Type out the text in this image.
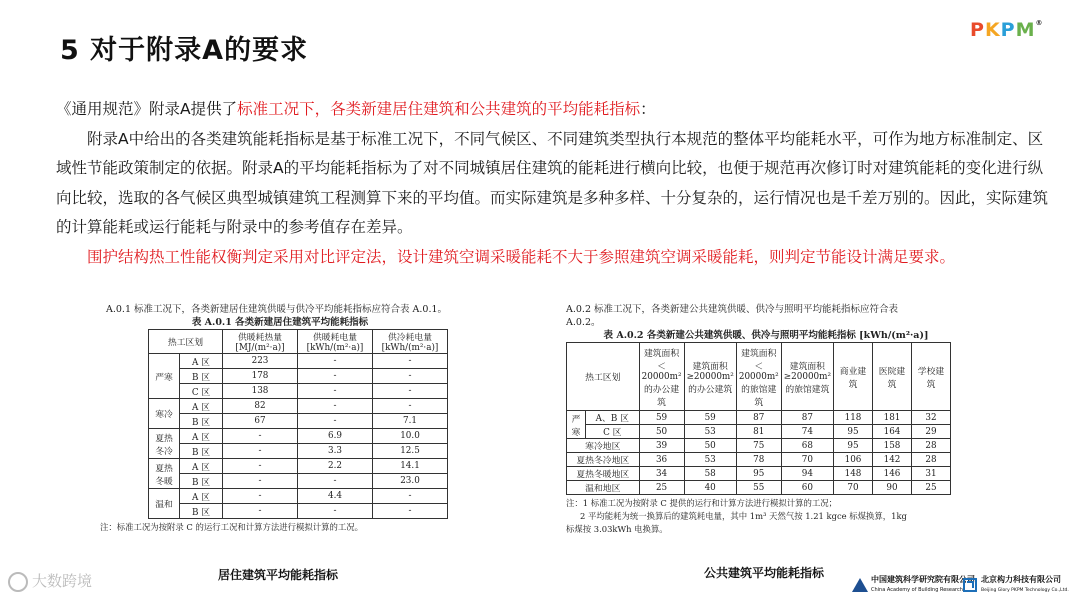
5 对于附录A的要求
PKPM®

《通用规范》附录A提供了标准工况下，各类新建居住建筑和公共建筑的平均能耗指标：

附录A中给出的各类建筑能耗指标是基于标准工况下，不同气候区、不同建筑类型执行本规范的整体平均能耗水平，可作为地方标准制定、区域性节能政策制定的依据。附录A的平均能耗指标为了对不同城镇居住建筑的能耗进行横向比较，也便于规范再次修订时对建筑能耗的变化进行纵向比较，选取的各气候区典型城镇建筑工程测算下来的平均值。而实际建筑是多种多样、十分复杂的，运行情况也是千差万别的。因此，实际建筑的计算能耗或运行能耗与附录中的参考值存在差异。

围护结构热工性能权衡判定采用对比评定法，设计建筑空调采暖能耗不大于参照建筑空调采暖能耗，则判定节能设计满足要求。

A.0.1 标准工况下，各类新建居住建筑供暖与供冷平均能耗指标应符合表 A.0.1。
表 A.0.1 各类新建居住建筑平均能耗指标
热工区划		供暖耗热量 [MJ/(m²·a)]	供暖耗电量 [kWh/(m²·a)]	供冷耗电量 [kWh/(m²·a)]
严寒	A 区	223	-	-
	B 区	178	-	-
	C 区	138	-	-
寒冷	A 区	82	-	-
	B 区	67	-	7.1
夏热冬冷	A 区	-	6.9	10.0
	B 区	-	3.3	12.5
夏热冬暖	A 区	-	2.2	14.1
	B 区	-	-	23.0
温和	A 区	-	4.4	-
	B 区	-	-	-
注：标准工况为按附录 C 的运行工况和计算方法进行模拟计算的工况。
居住建筑平均能耗指标
A.0.2 标准工况下，各类新建公共建筑供暖、供冷与照明平均能耗指标应符合表
A.0.2。
表 A.0.2 各类新建公共建筑供暖、供冷与照明平均能耗指标 [kWh/(m²·a)]
热工区划		建筑面积＜20000m²的办公建筑	建筑面积≥20000m²的办公建筑	建筑面积＜20000m²的旅馆建筑	建筑面积≥20000m²的旅馆建筑	商业建筑	医院建筑	学校建筑
严寒	A、B 区	59	59	87	87	118	181	32
	C 区	50	53	81	74	95	164	29
寒冷地区		39	50	75	68	95	158	28
夏热冬冷地区		36	53	78	70	106	142	28
夏热冬暖地区		34	58	95	94	148	146	31
温和地区		25	40	55	60	70	90	25
注：1 标准工况为按附录 C 提供的运行和计算方法进行模拟计算的工况；
2 平均能耗为统一换算后的建筑耗电量，其中 1m³ 天然气按 1.21 kgce 标煤换算，1kg
标煤按 3.03kWh 电换算。
公共建筑平均能耗指标
大数跨境	中国建筑科学研究院有限公司
China Academy of Building Research
北京构力科技有限公司
Beijing Glory PKPM Technology Co.,Ltd.
